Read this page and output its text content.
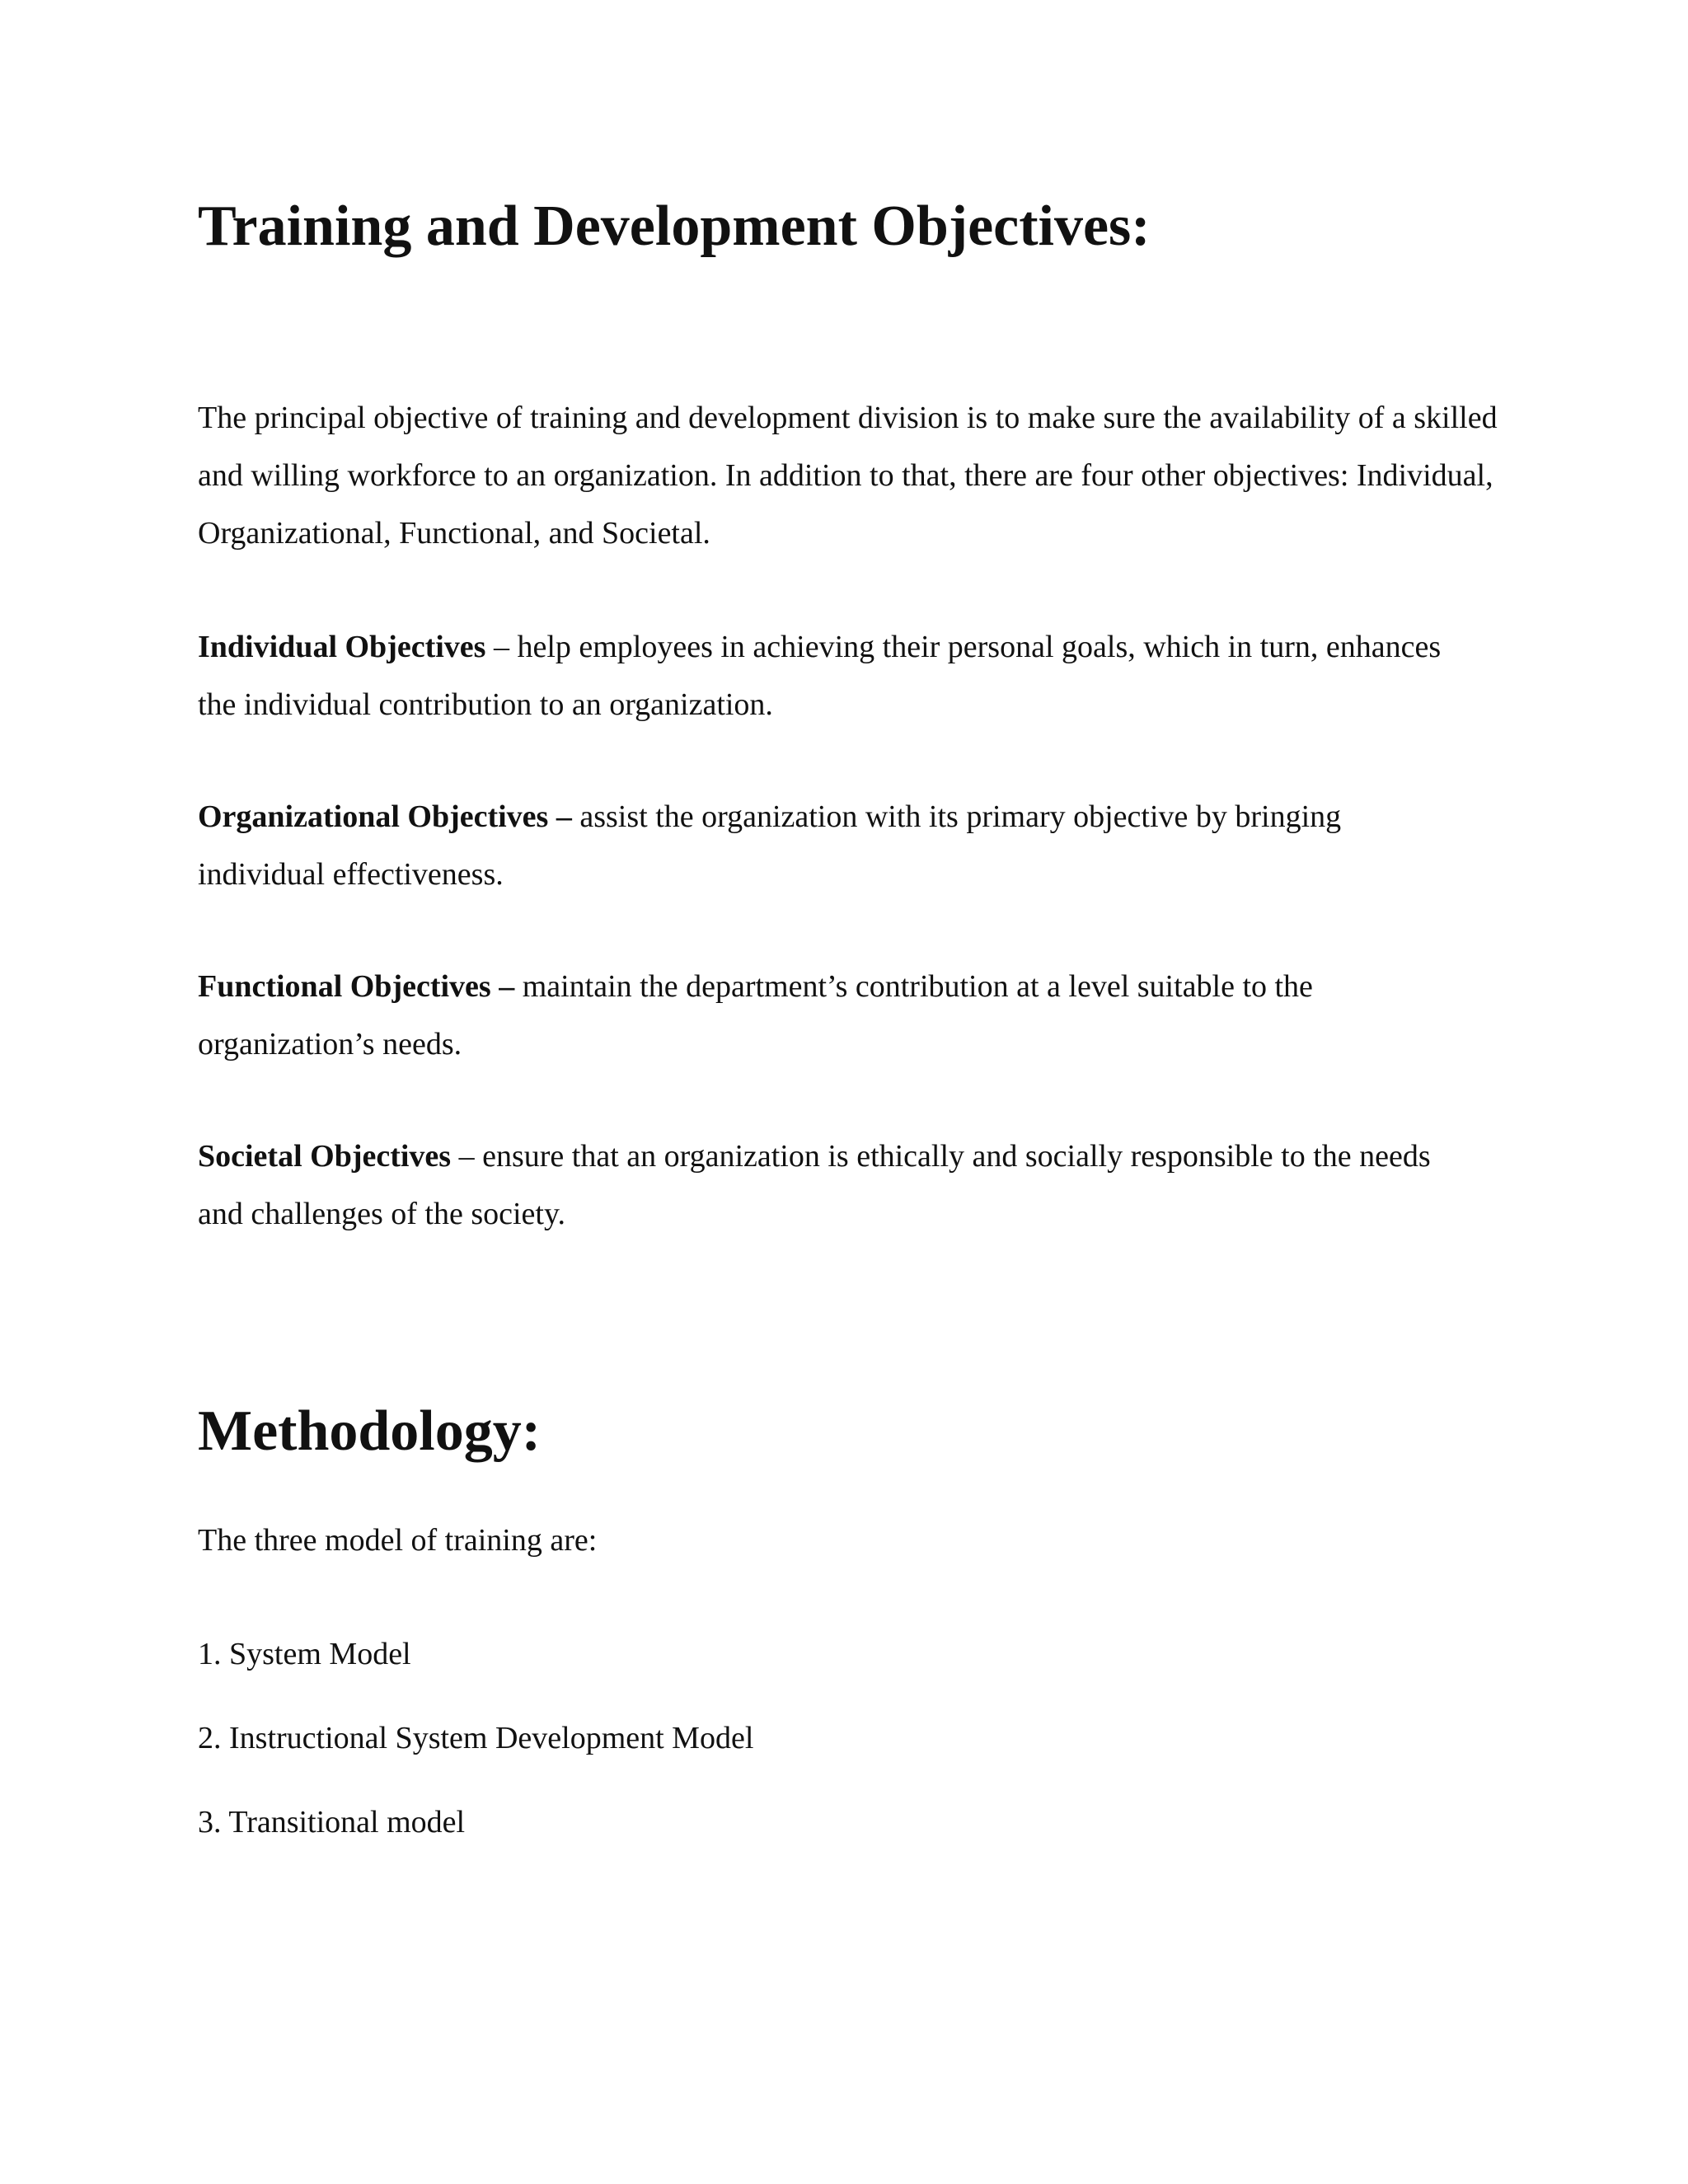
Training and Development Objectives:

The principal objective of training and development division is to make sure the availability of a skilled and willing workforce to an organization. In addition to that, there are four other objectives: Individual, Organizational, Functional, and Societal.

Individual Objectives – help employees in achieving their personal goals, which in turn, enhances the individual contribution to an organization.

Organizational Objectives – assist the organization with its primary objective by bringing individual effectiveness.

Functional Objectives – maintain the department’s contribution at a level suitable to the organization’s needs.

Societal Objectives – ensure that an organization is ethically and socially responsible to the needs and challenges of the society.

Methodology:

The three model of training are:

1. System Model

2. Instructional System Development Model

3. Transitional model
